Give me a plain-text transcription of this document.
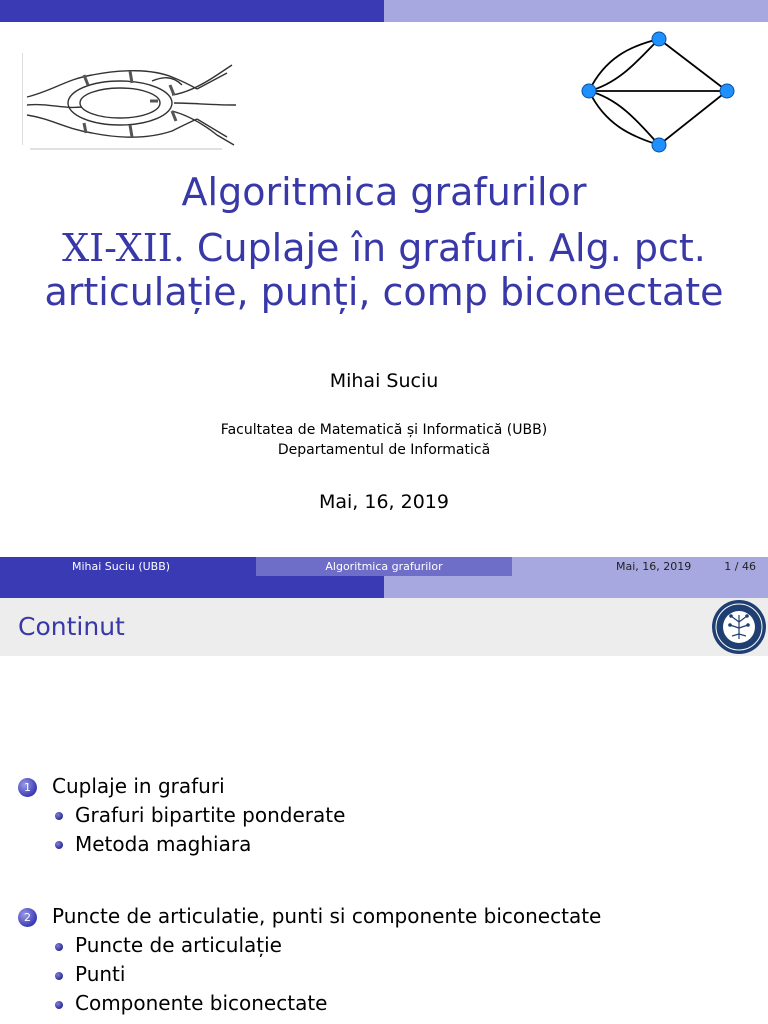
Algoritmica grafurilor
XI-XII. Cuplaje în grafuri. Alg. pct.
articulație, punți, comp biconectate
Mihai Suciu
Facultatea de Matematică și Informatică (UBB)
Departamentul de Informatică
Mai, 16, 2019
Mihai Suciu (UBB)	Algoritmica grafurilor	Mai, 16, 2019	1 / 46
Continut
1	Cuplaje in grafuri
Grafuri bipartite ponderate
Metoda maghiara
2	Puncte de articulatie, punti si componente biconectate
Puncte de articulație
Punti
Componente biconectate
